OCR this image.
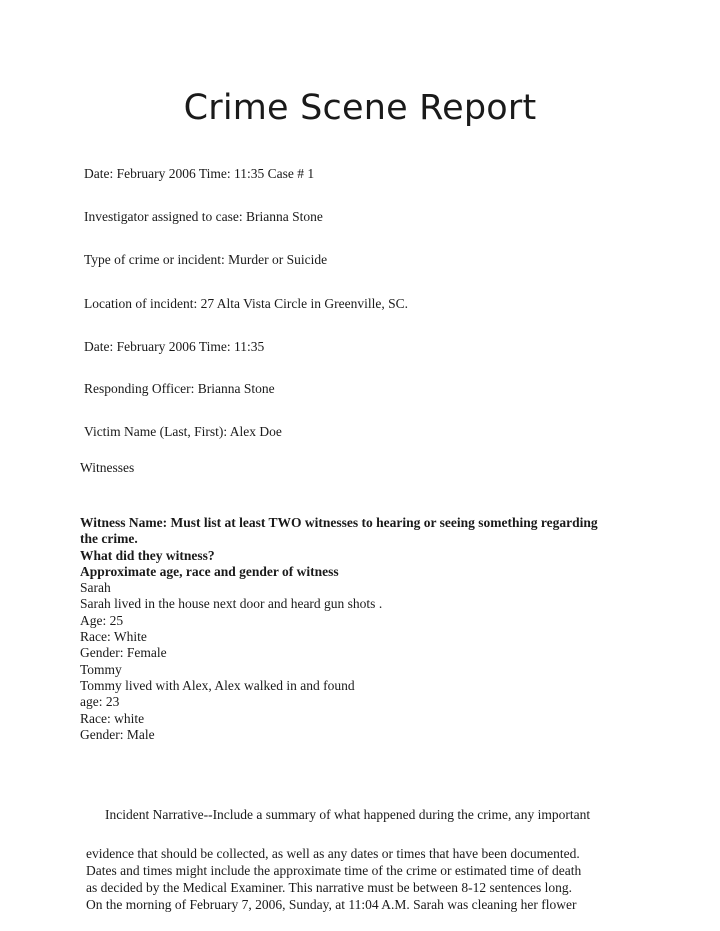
Crime Scene Report
Date: February 2006 Time: 11:35 Case # 1
Investigator assigned to case: Brianna Stone
Type of crime or incident: Murder or Suicide
Location of incident: 27 Alta Vista Circle in Greenville, SC.
Date: February 2006 Time: 11:35
Responding Officer: Brianna Stone
Victim Name (Last, First): Alex Doe
Witnesses
Witness Name: Must list at least TWO witnesses to hearing or seeing something regarding
the crime.
What did they witness?
Approximate age, race and gender of witness
Sarah
Sarah lived in the house next door and heard gun shots .
Age: 25
Race: White
Gender: Female
Tommy
Tommy lived with Alex, Alex walked in and found
age: 23
Race: white
Gender: Male
Incident Narrative--Include a summary of what happened during the crime, any important
evidence that should be collected, as well as any dates or times that have been documented.
Dates and times might include the approximate time of the crime or estimated time of death
as decided by the Medical Examiner. This narrative must be between 8-12 sentences long.
On the morning of February 7, 2006, Sunday, at 11:04 A.M. Sarah was cleaning her flower
